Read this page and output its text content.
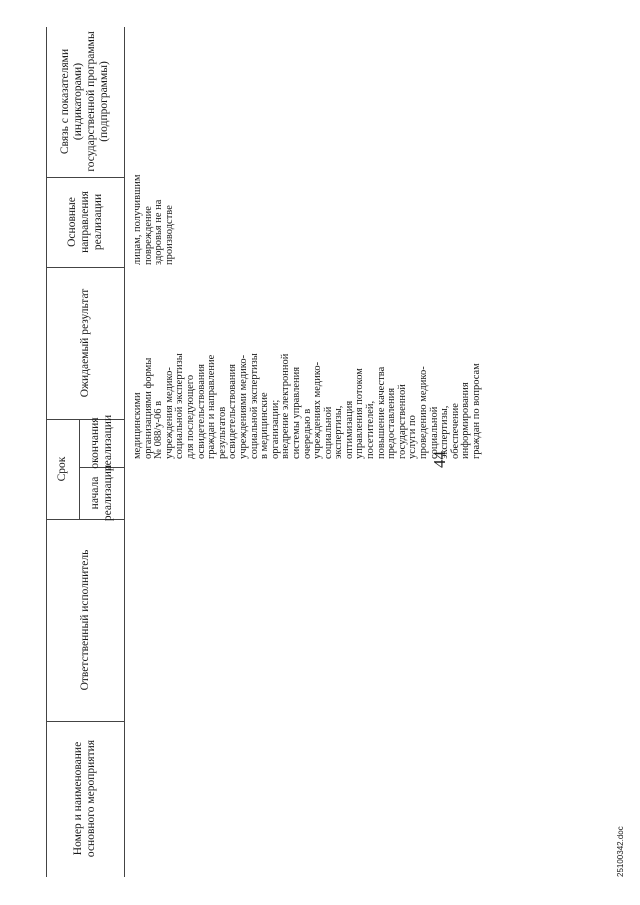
44
Номер и наименование основного мероприятия
Ответственный исполнитель
Срок
начала реализации
окончания реализации
Ожидаемый результат
Основные направления реализации
Связь с показателями (индикаторами) государственной программы (подпрограммы)
медицинскими
организациями формы
№ 088/у-06 в
учреждения медико-
социальной экспертизы
для последующего
освидетельствования
граждан и направление
результатов
освидетельствования
учреждениями медико-
социальной экспертизы
в медицинские
организации;
внедрение электронной
системы управления
очередью в
учреждениях медико-
социальной
экспертизы,
оптимизация
управления потоком
посетителей,
повышение качества
предоставления
государственной
услуги по
проведению медико-
социальной
экспертизы,
обеспечение
информирования
граждан по вопросам
лицам, получившим
повреждение
здоровья не на
производстве
25100342.doc
